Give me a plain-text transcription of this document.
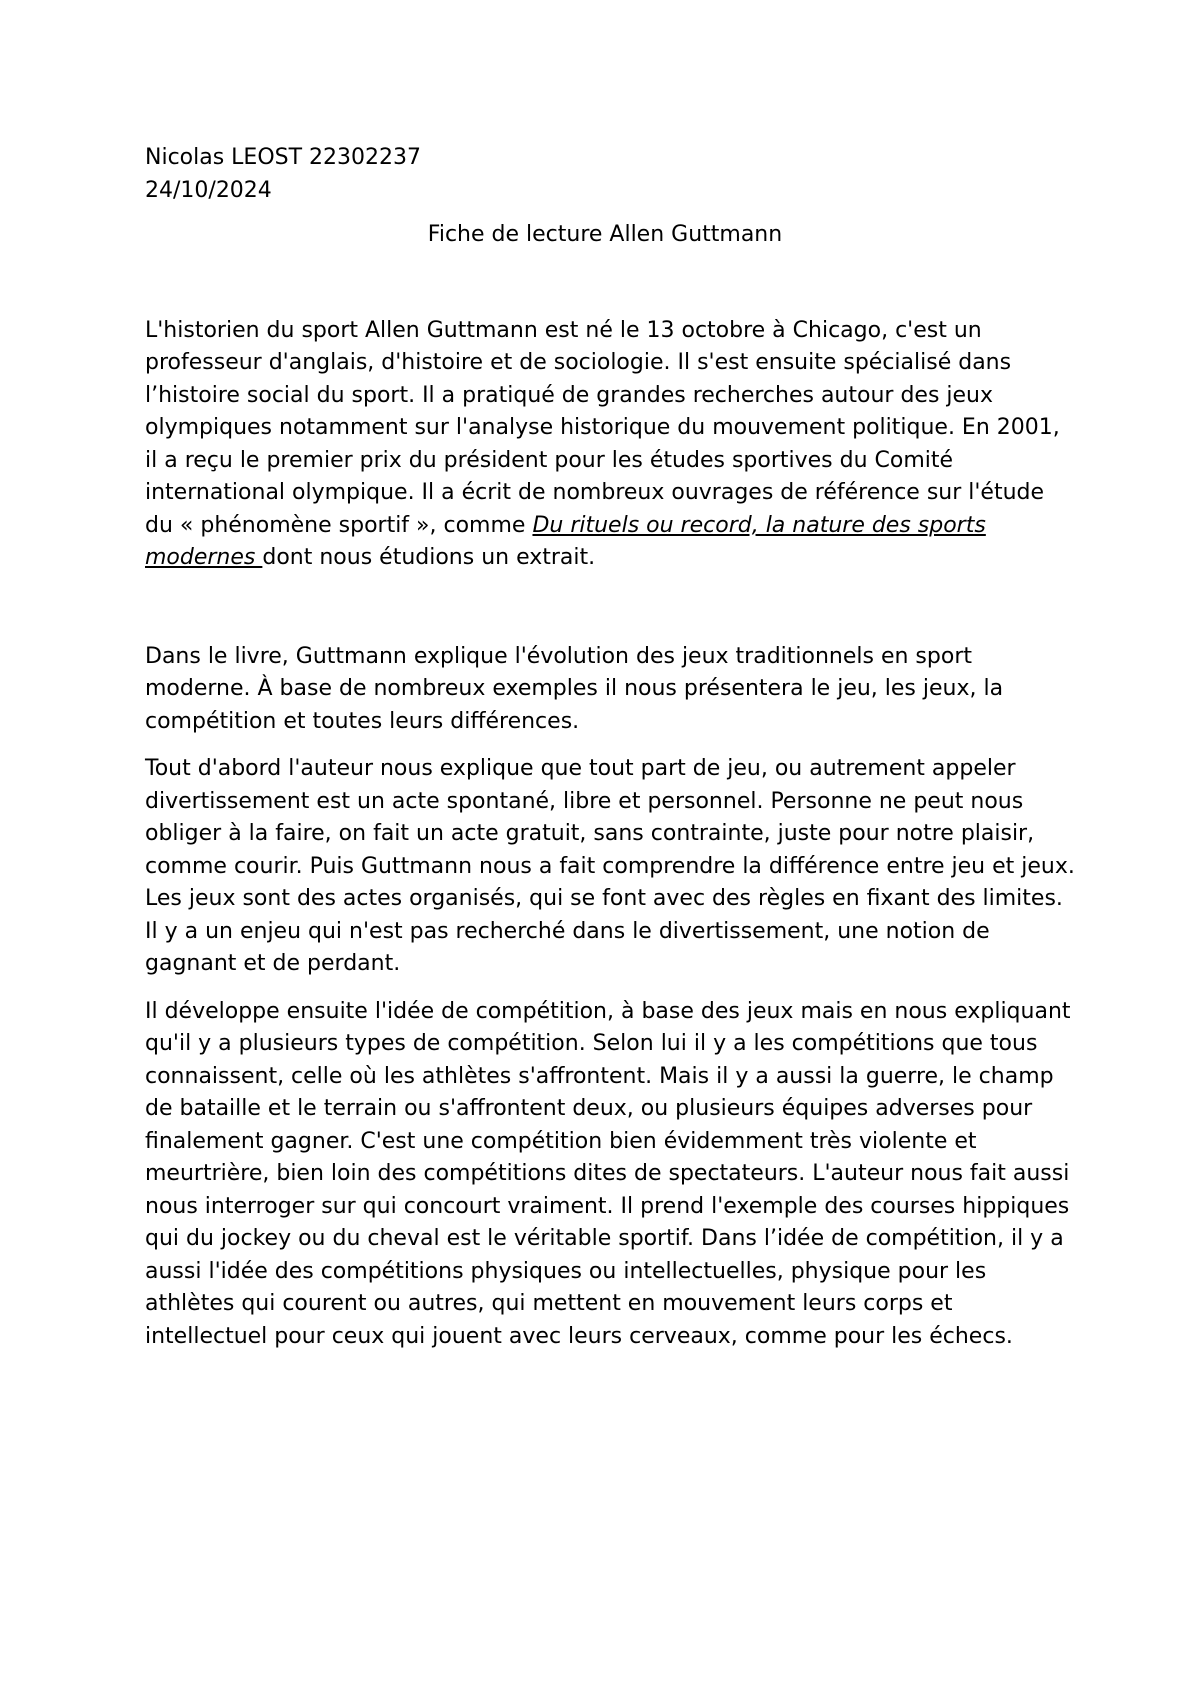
Nicolas LEOST 22302237
24/10/2024

Fiche de lecture Allen Guttmann

L'historien du sport Allen Guttmann est né le 13 octobre à Chicago, c'est un professeur d'anglais, d'histoire et de sociologie. Il s'est ensuite spécialisé dans l’histoire social du sport. Il a pratiqué de grandes recherches autour des jeux olympiques notamment sur l'analyse historique du mouvement politique. En 2001, il a reçu le premier prix du président pour les études sportives du Comité international olympique. Il a écrit de nombreux ouvrages de référence sur l'étude du « phénomène sportif », comme Du rituels ou record, la nature des sports modernes dont nous étudions un extrait.

Dans le livre, Guttmann explique l'évolution des jeux traditionnels en sport moderne. À base de nombreux exemples il nous présentera le jeu, les jeux, la compétition et toutes leurs différences.

Tout d'abord l'auteur nous explique que tout part de jeu, ou autrement appeler divertissement est un acte spontané, libre et personnel. Personne ne peut nous obliger à la faire, on fait un acte gratuit, sans contrainte, juste pour notre plaisir, comme courir. Puis Guttmann nous a fait comprendre la différence entre jeu et jeux. Les jeux sont des actes organisés, qui se font avec des règles en fixant des limites. Il y a un enjeu qui n'est pas recherché dans le divertissement, une notion de gagnant et de perdant.

Il développe ensuite l'idée de compétition, à base des jeux mais en nous expliquant qu'il y a plusieurs types de compétition. Selon lui il y a les compétitions que tous connaissent, celle où les athlètes s'affrontent. Mais il y a aussi la guerre, le champ de bataille et le terrain ou s'affrontent deux, ou plusieurs équipes adverses pour finalement gagner. C'est une compétition bien évidemment très violente et meurtrière, bien loin des compétitions dites de spectateurs. L'auteur nous fait aussi nous interroger sur qui concourt vraiment. Il prend l'exemple des courses hippiques qui du jockey ou du cheval est le véritable sportif. Dans l’idée de compétition, il y a aussi l'idée des compétitions physiques ou intellectuelles, physique pour les athlètes qui courent ou autres, qui mettent en mouvement leurs corps et intellectuel pour ceux qui jouent avec leurs cerveaux, comme pour les échecs.
